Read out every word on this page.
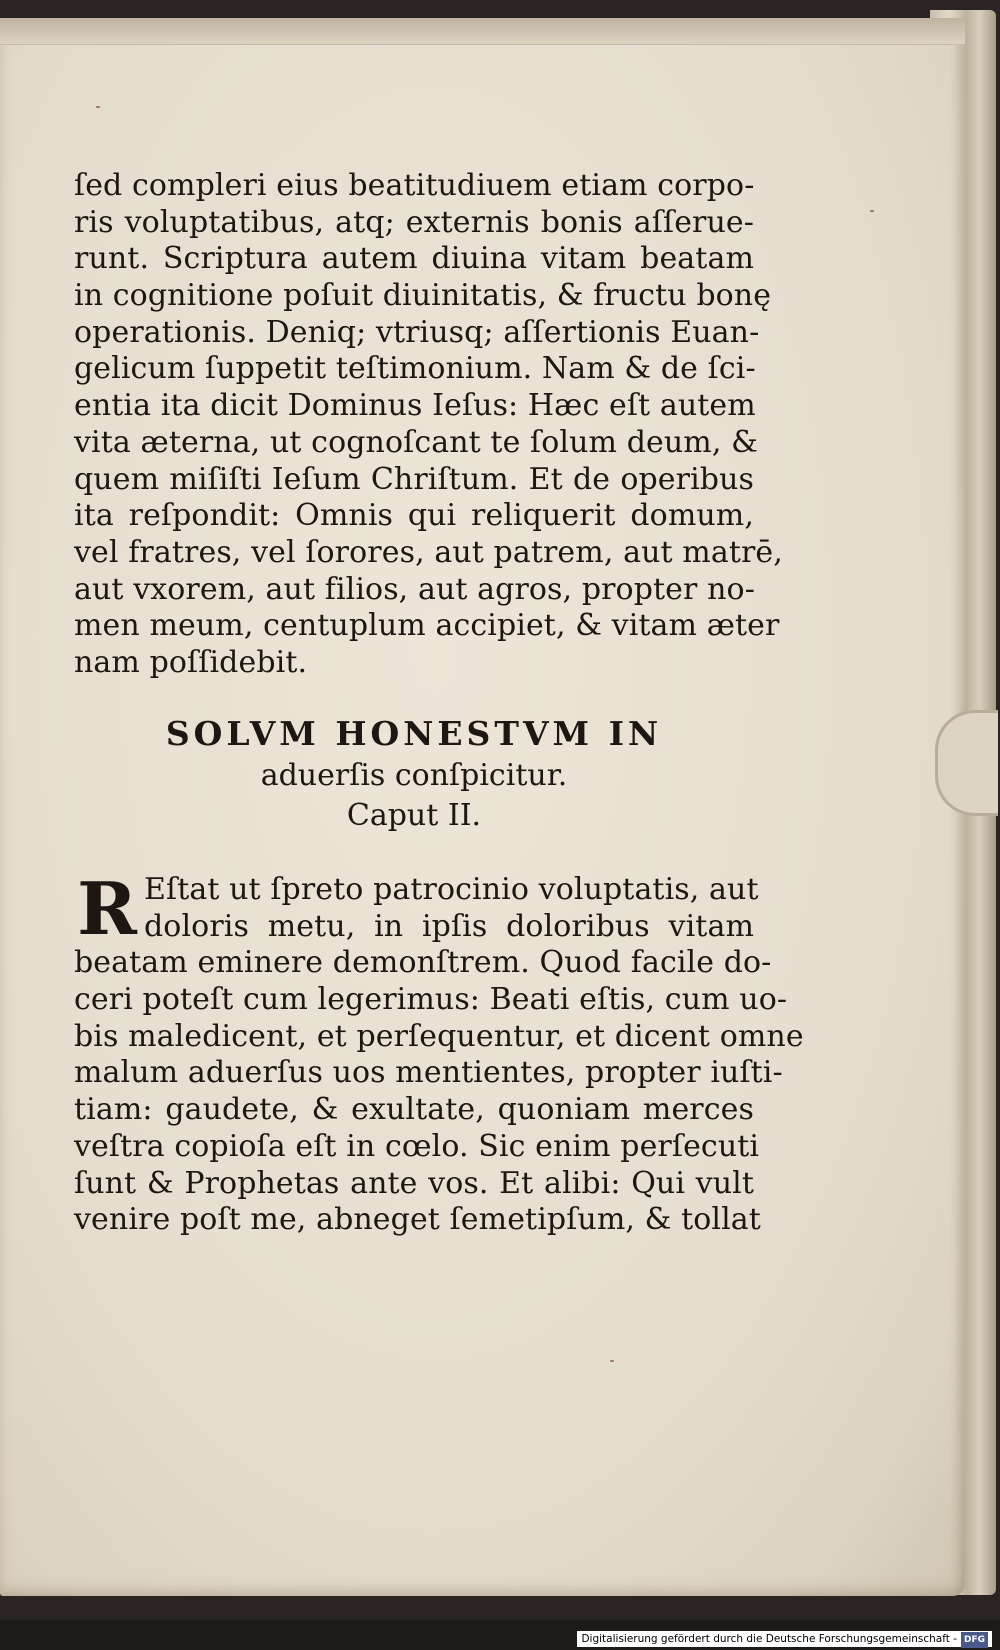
ſed compleri eius beatitudiuem etiam corpo-
ris voluptatibus, atq; externis bonis aſſerue-
runt. Scriptura autem diuina vitam beatam
in cognitione poſuit diuinitatis, & fructu bonę
operationis. Deniq; vtriusq; aſſertionis Euan-
gelicum ſuppetit teſtimonium. Nam & de ſci-
entia ita dicit Dominus Ieſus: Hæc eſt autem
vita æterna, ut cognoſcant te ſolum deum, &
quem miſiſti Ieſum Chriſtum. Et de operibus
ita reſpondit: Omnis qui reliquerit domum,
vel fratres, vel ſorores, aut patrem, aut matrē,
aut vxorem, aut filios, aut agros, propter no-
men meum, centuplum accipiet, & vitam æter
nam poſſidebit.
SOLVM HONESTVM IN
aduerſis conſpicitur.
Caput II.
R Eſtat ut ſpreto patrocinio voluptatis, aut
doloris metu, in ipſis doloribus vitam
beatam eminere demonſtrem. Quod facile do-
ceri poteſt cum legerimus: Beati eſtis, cum uo-
bis maledicent, et perſequentur, et dicent omne
malum aduerſus uos mentientes, propter iuſti-
tiam: gaudete, & exultate, quoniam merces
veſtra copioſa eſt in cœlo. Sic enim perſecuti
ſunt & Prophetas ante vos. Et alibi: Qui vult
venire poſt me, abneget ſemetipſum, & tollat
Digitalisierung gefördert durch die Deutsche Forschungsgemeinschaft - DFG
